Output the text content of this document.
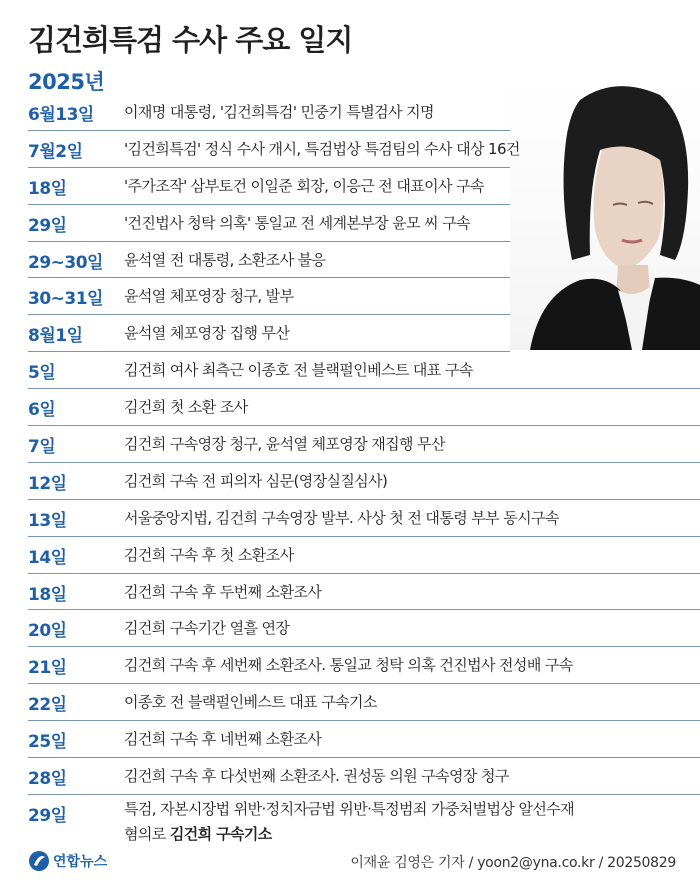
김건희특검 수사 주요 일지
2025년
6월13일 이재명 대통령, '김건희특검' 민중기 특별검사 지명
7월2일	'김건희특검' 정식 수사 개시, 특검법상 특검팀의 수사 대상 16건
18일	'주가조작' 삼부토건 이일준 회장, 이응근 전 대표이사 구속
29일	'건진법사 청탁 의혹' 통일교 전 세계본부장 윤모 씨 구속
29~30일 윤석열 전 대통령, 소환조사 불응
30~31일 윤석열 체포영장 청구, 발부
8월1일	윤석열 체포영장 집행 무산
5일	김건희 여사 최측근 이종호 전 블랙펄인베스트 대표 구속
6일	김건희 첫 소환 조사
7일	김건희 구속영장 청구, 윤석열 체포영장 재집행 무산
12일	김건희 구속 전 피의자 심문(영장실질심사)
13일	서울중앙지법, 김건희 구속영장 발부. 사상 첫 전 대통령 부부 동시구속
14일	김건희 구속 후 첫 소환조사
18일	김건희 구속 후 두번째 소환조사
20일	김건희 구속기간 열흘 연장
21일	김건희 구속 후 세번째 소환조사. 통일교 청탁 의혹 건진법사 전성배 구속
22일	이종호 전 블랙펄인베스트 대표 구속기소
25일	김건희 구속 후 네번째 소환조사
28일	김건희 구속 후 다섯번째 소환조사. 권성동 의원 구속영장 청구
29일	특검, 자본시장법 위반·정치자금법 위반·특정범죄 가중처벌법상 알선수재
혐의로 김건희 구속기소
연합뉴스	이재윤 김영은 기자 / yoon2@yna.co.kr / 20250829
